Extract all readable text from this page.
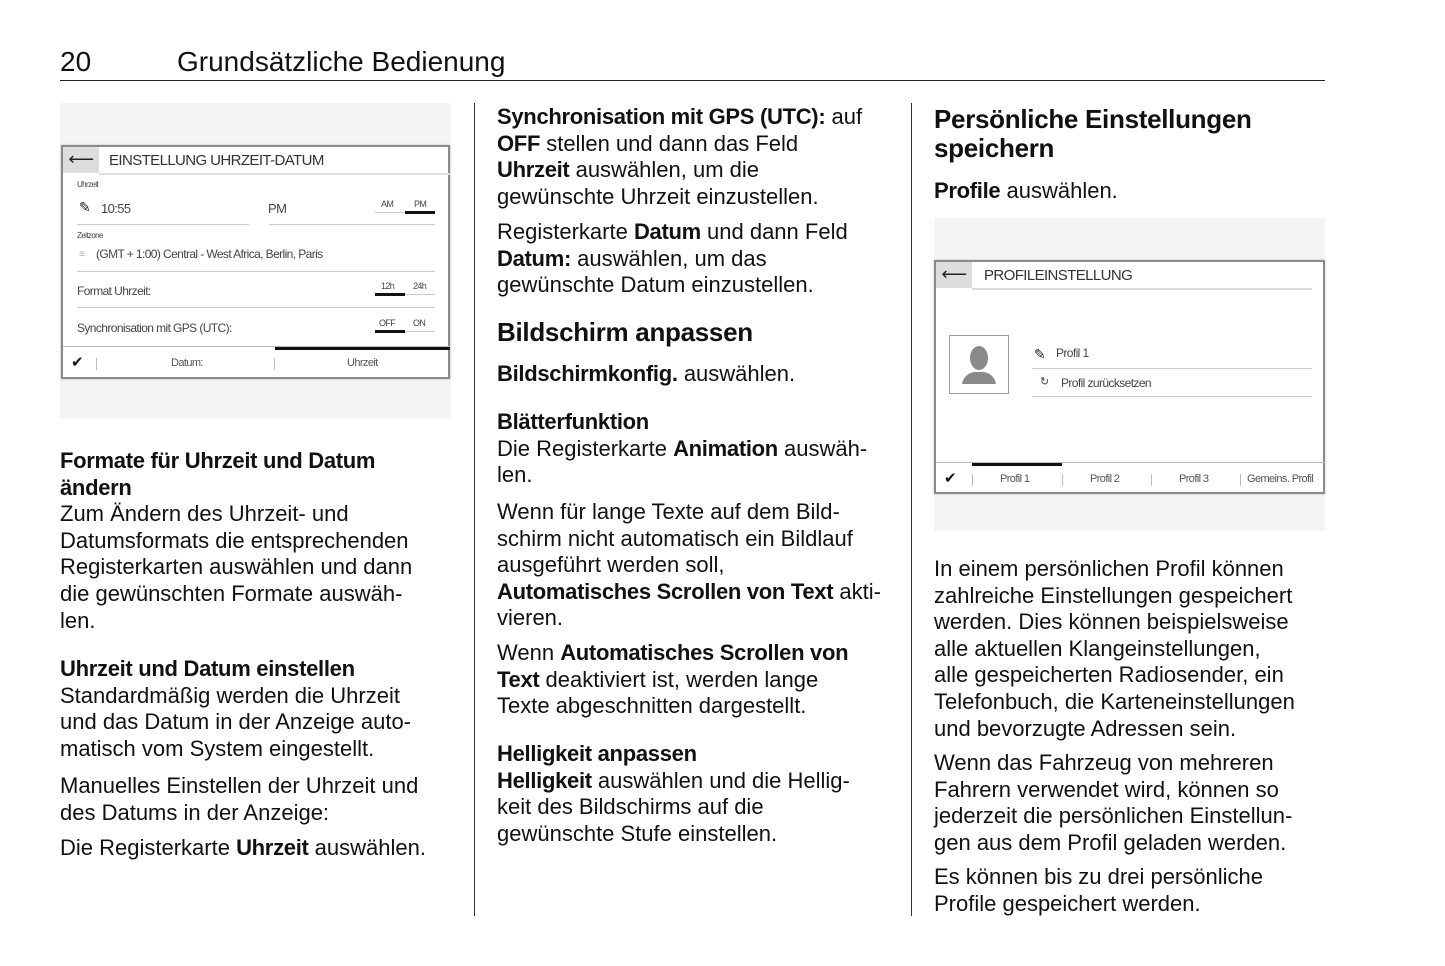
20	Grundsätzliche Bedienung
⟵	EINSTELLUNG UHRZEIT-DATUM
Uhrzeit
✎ 10:55	PM	AM PM
Zeitzone
≡ (GMT + 1:00) Central - West Africa, Berlin, Paris
Format Uhrzeit:	12h 24h
Synchronisation mit GPS (UTC):	OFF ON
✔	Datum:	Uhrzeit
⟵	PROFILEINSTELLUNG
✎ Profil 1
↻ Profil zurücksetzen
✔	Profil 1	Profil 2	Profil 3	Gemeins. Profil
Formate für Uhrzeit und Datum
ändern
Zum Ändern des Uhrzeit- und
Datumsformats die entsprechenden
Registerkarten auswählen und dann
die gewünschten Formate auswäh-
len.
Uhrzeit und Datum einstellen
Standardmäßig werden die Uhrzeit
und das Datum in der Anzeige auto-
matisch vom System eingestellt.
Manuelles Einstellen der Uhrzeit und
des Datums in der Anzeige:
Die Registerkarte Uhrzeit auswählen.
Synchronisation mit GPS (UTC): auf
OFF stellen und dann das Feld
Uhrzeit auswählen, um die
gewünschte Uhrzeit einzustellen.
Registerkarte Datum und dann Feld
Datum: auswählen, um das
gewünschte Datum einzustellen.
Bildschirm anpassen
Bildschirmkonfig. auswählen.
Blätterfunktion
Die Registerkarte Animation auswäh-
len.
Wenn für lange Texte auf dem Bild-
schirm nicht automatisch ein Bildlauf
ausgeführt werden soll,
Automatisches Scrollen von Text akti-
vieren.
Wenn Automatisches Scrollen von
Text deaktiviert ist, werden lange
Texte abgeschnitten dargestellt.
Helligkeit anpassen
Helligkeit auswählen und die Hellig-
keit des Bildschirms auf die
gewünschte Stufe einstellen.
Persönliche Einstellungen
speichern
Profile auswählen.
In einem persönlichen Profil können
zahlreiche Einstellungen gespeichert
werden. Dies können beispielsweise
alle aktuellen Klangeinstellungen,
alle gespeicherten Radiosender, ein
Telefonbuch, die Karteneinstellungen
und bevorzugte Adressen sein.
Wenn das Fahrzeug von mehreren
Fahrern verwendet wird, können so
jederzeit die persönlichen Einstellun-
gen aus dem Profil geladen werden.
Es können bis zu drei persönliche
Profile gespeichert werden.
